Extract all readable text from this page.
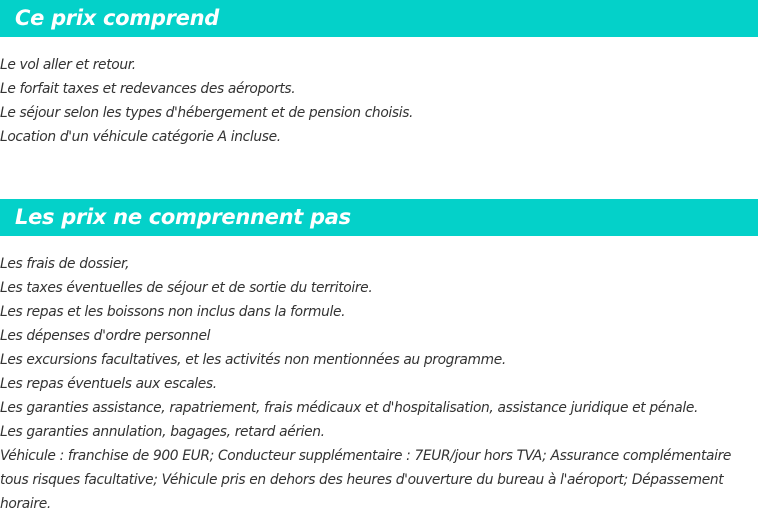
Ce prix comprend
Le vol aller et retour.
Le forfait taxes et redevances des aéroports.
Le séjour selon les types d'hébergement et de pension choisis.
Location d'un véhicule catégorie A incluse.
Les prix ne comprennent pas
Les frais de dossier,
Les taxes éventuelles de séjour et de sortie du territoire.
Les repas et les boissons non inclus dans la formule.
Les dépenses d'ordre personnel
Les excursions facultatives, et les activités non mentionnées au programme.
Les repas éventuels aux escales.
Les garanties assistance, rapatriement, frais médicaux et d'hospitalisation, assistance juridique et pénale.
Les garanties annulation, bagages, retard aérien.
Véhicule : franchise de 900 EUR; Conducteur supplémentaire : 7EUR/jour hors TVA; Assurance complémentaire tous risques facultative; Véhicule pris en dehors des heures d'ouverture du bureau à l'aéroport; Dépassement horaire.
